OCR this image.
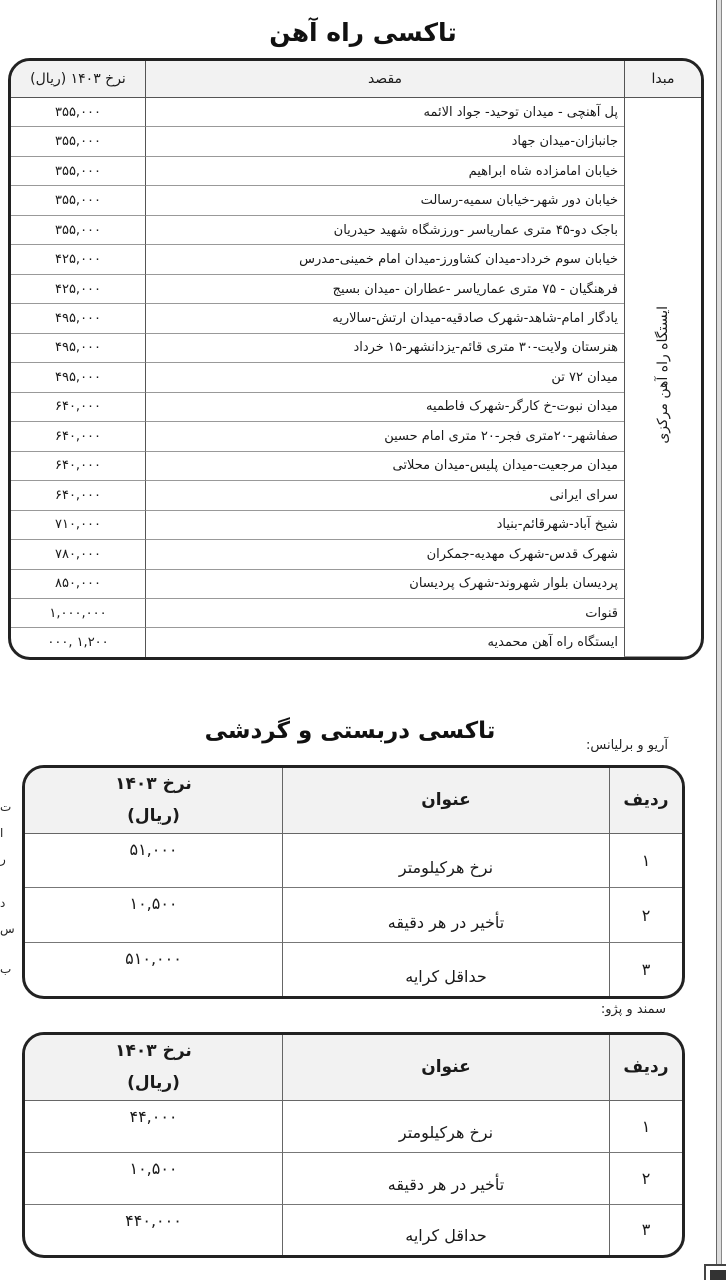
ت
ا
ر
د
س
ب
تاکسی راه آهن
مبدا	مقصد	نرخ ۱۴۰۳ (ریال)
ایستگاه راه آهن مرکزی	پل آهنچی - میدان توحید- جواد الائمه	۳۵۵,۰۰۰
	جانبازان-میدان جهاد	۳۵۵,۰۰۰
	خیابان امامزاده شاه ابراهیم	۳۵۵,۰۰۰
	خیابان دور شهر-خیابان سمیه-رسالت	۳۵۵,۰۰۰
	باجک دو-۴۵ متری عماریاسر -ورزشگاه شهید حیدریان	۳۵۵,۰۰۰
	خیابان سوم خرداد-میدان کشاورز-میدان امام خمینی-مدرس	۴۲۵,۰۰۰
	فرهنگیان - ۷۵ متری عماریاسر -عطاران -میدان بسیج	۴۲۵,۰۰۰
	یادگار امام-شاهد-شهرک صادقیه-میدان ارتش-سالاریه	۴۹۵,۰۰۰
	هنرستان ولایت-۳۰ متری قائم-یزدانشهر-۱۵ خرداد	۴۹۵,۰۰۰
	میدان ۷۲ تن	۴۹۵,۰۰۰
	میدان نبوت-خ کارگر-شهرک فاطمیه	۶۴۰,۰۰۰
	صفاشهر-۲۰متری فجر-۲۰ متری امام حسین	۶۴۰,۰۰۰
	میدان مرجعیت-میدان پلیس-میدان محلاتی	۶۴۰,۰۰۰
	سرای ایرانی	۶۴۰,۰۰۰
	شیخ آباد-شهرقائم-بنیاد	۷۱۰,۰۰۰
	شهرک قدس-شهرک مهدیه-جمکران	۷۸۰,۰۰۰
	پردیسان بلوار شهروند-شهرک پردیسان	۸۵۰,۰۰۰
	قنوات	۱,۰۰۰,۰۰۰
	ایستگاه راه آهن محمدیه	۱,۲۰۰ ,۰۰۰
تاکسی دربستی و گردشی
آریو و برلیانس:
ردیف	عنوان	نرخ ۱۴۰۳
(ریال)
۱	نرخ هرکیلومتر	۵۱,۰۰۰
۲	تأخیر در هر دقیقه	۱۰,۵۰۰
۳	حداقل کرایه	۵۱۰,۰۰۰
سمند و پژو:
ردیف	عنوان	نرخ ۱۴۰۳
(ریال)
۱	نرخ هرکیلومتر	۴۴,۰۰۰
۲	تأخیر در هر دقیقه	۱۰,۵۰۰
۳	حداقل کرایه	۴۴۰,۰۰۰
